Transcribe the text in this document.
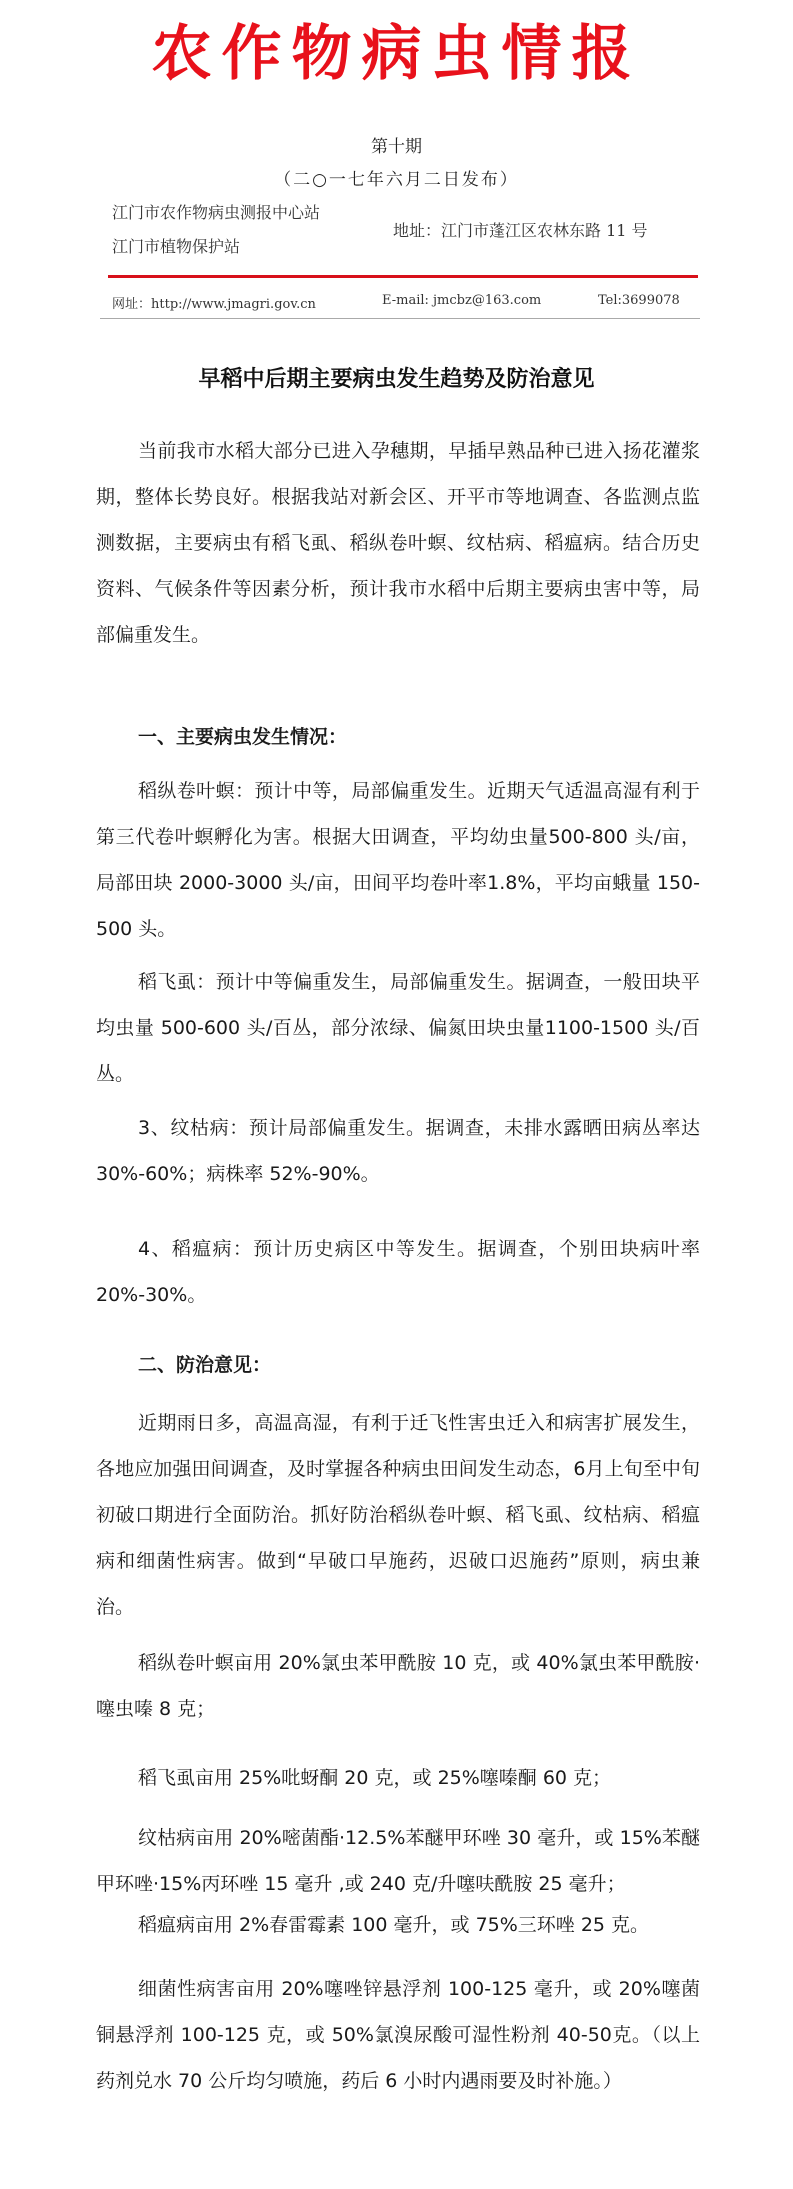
农作物病虫情报
第十期
（二○一七年六月二日发布）
江门市农作物病虫测报中心站
江门市植物保护站
地址：江门市蓬江区农林东路 11 号
网址：http://www.jmagri.gov.cn	E-mail: jmcbz@163.com	Tel:3699078
早稻中后期主要病虫发生趋势及防治意见

当前我市水稻大部分已进入孕穗期，早插早熟品种已进入扬花灌浆期，整体长势良好。根据我站对新会区、开平市等地调查、各监测点监测数据，主要病虫有稻飞虱、稻纵卷叶螟、纹枯病、稻瘟病。结合历史资料、气候条件等因素分析，预计我市水稻中后期主要病虫害中等，局部偏重发生。

一、主要病虫发生情况：

稻纵卷叶螟：预计中等，局部偏重发生。近期天气适温高湿有利于第三代卷叶螟孵化为害。根据大田调查，平均幼虫量500-800 头/亩，局部田块 2000-3000 头/亩，田间平均卷叶率1.8%，平均亩蛾量 150-500 头。

稻飞虱：预计中等偏重发生，局部偏重发生。据调查，一般田块平均虫量 500-600 头/百丛，部分浓绿、偏氮田块虫量1100-1500 头/百丛。

3、纹枯病：预计局部偏重发生。据调查，未排水露晒田病丛率达 30%-60%；病株率 52%-90%。

4、稻瘟病：预计历史病区中等发生。据调查，个别田块病叶率 20%-30%。

二、防治意见：

近期雨日多，高温高湿，有利于迁飞性害虫迁入和病害扩展发生，各地应加强田间调查，及时掌握各种病虫田间发生动态，6月上旬至中旬初破口期进行全面防治。抓好防治稻纵卷叶螟、稻飞虱、纹枯病、稻瘟病和细菌性病害。做到“早破口早施药，迟破口迟施药”原则，病虫兼治。

稻纵卷叶螟亩用 20%氯虫苯甲酰胺 10 克，或 40%氯虫苯甲酰胺·噻虫嗪 8 克；

稻飞虱亩用 25%吡蚜酮 20 克，或 25%噻嗪酮 60 克；

纹枯病亩用 20%嘧菌酯·12.5%苯醚甲环唑 30 毫升，或 15%苯醚甲环唑·15%丙环唑 15 毫升 ,或 240 克/升噻呋酰胺 25 毫升；

稻瘟病亩用 2%春雷霉素 100 毫升，或 75%三环唑 25 克。

细菌性病害亩用 20%噻唑锌悬浮剂 100-125 毫升，或 20%噻菌铜悬浮剂 100-125 克，或 50%氯溴尿酸可湿性粉剂 40-50克。（以上药剂兑水 70 公斤均匀喷施，药后 6 小时内遇雨要及时补施。）
